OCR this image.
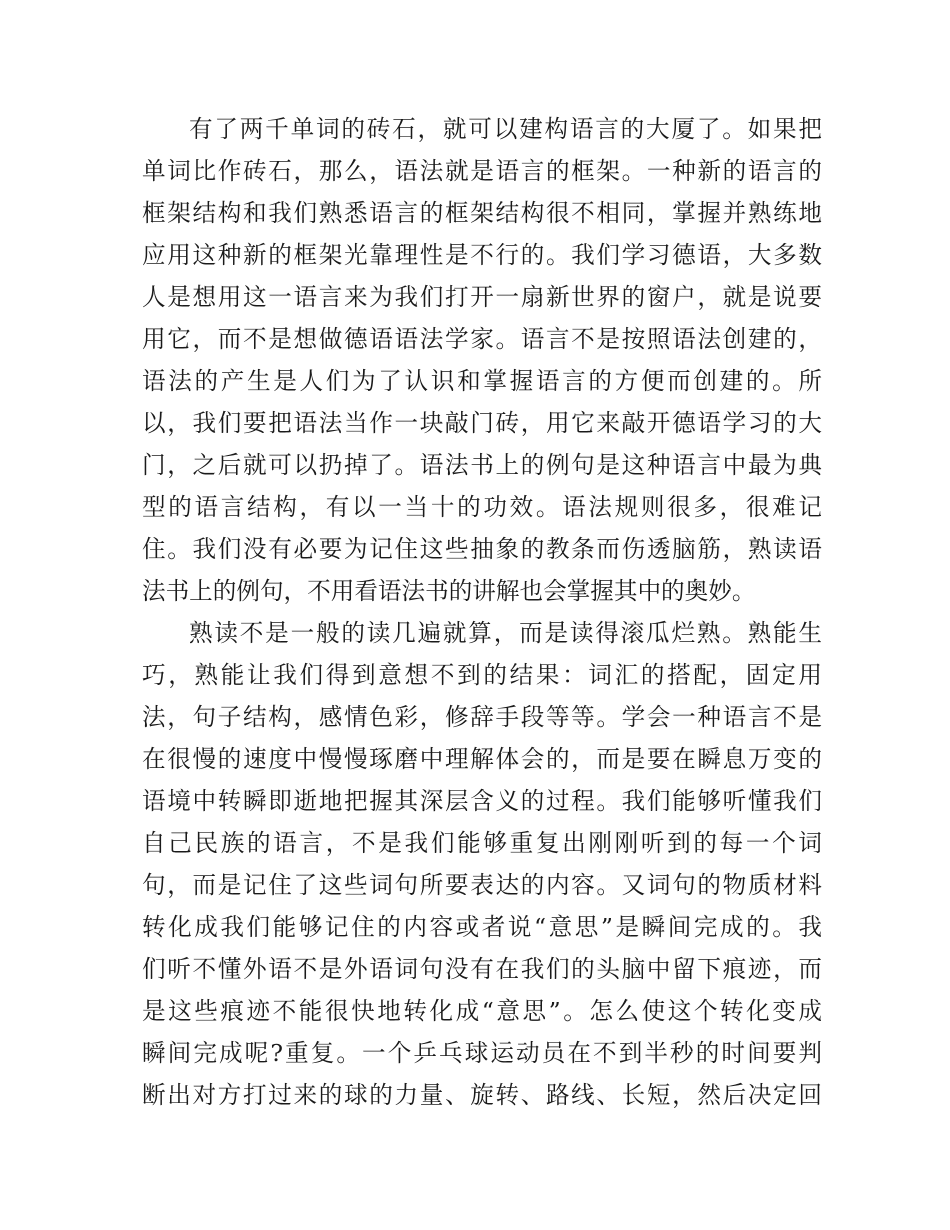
有了两千单词的砖石，就可以建构语言的大厦了。如果把
单词比作砖石，那么，语法就是语言的框架。一种新的语言的
框架结构和我们熟悉语言的框架结构很不相同，掌握并熟练地
应用这种新的框架光靠理性是不行的。我们学习德语，大多数
人是想用这一语言来为我们打开一扇新世界的窗户，就是说要
用它，而不是想做德语语法学家。语言不是按照语法创建的，
语法的产生是人们为了认识和掌握语言的方便而创建的。所
以，我们要把语法当作一块敲门砖，用它来敲开德语学习的大
门，之后就可以扔掉了。语法书上的例句是这种语言中最为典
型的语言结构，有以一当十的功效。语法规则很多，很难记
住。我们没有必要为记住这些抽象的教条而伤透脑筋，熟读语
法书上的例句，不用看语法书的讲解也会掌握其中的奥妙。
熟读不是一般的读几遍就算，而是读得滚瓜烂熟。熟能生
巧，熟能让我们得到意想不到的结果：词汇的搭配，固定用
法，句子结构，感情色彩，修辞手段等等。学会一种语言不是
在很慢的速度中慢慢琢磨中理解体会的，而是要在瞬息万变的
语境中转瞬即逝地把握其深层含义的过程。我们能够听懂我们
自己民族的语言，不是我们能够重复出刚刚听到的每一个词
句，而是记住了这些词句所要表达的内容。又词句的物质材料
转化成我们能够记住的内容或者说“意思”是瞬间完成的。我
们听不懂外语不是外语词句没有在我们的头脑中留下痕迹，而
是这些痕迹不能很快地转化成“意思”。怎么使这个转化变成
瞬间完成呢?重复。一个乒乓球运动员在不到半秒的时间要判
断出对方打过来的球的力量、旋转、路线、长短，然后决定回
